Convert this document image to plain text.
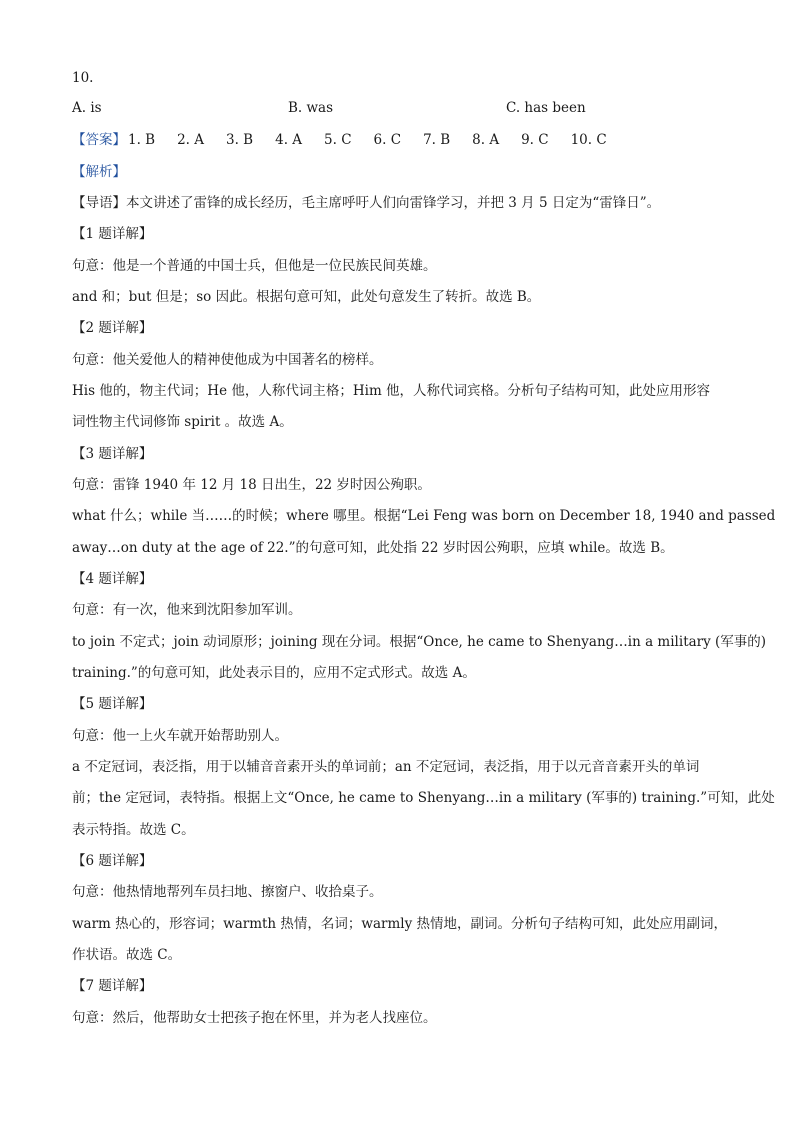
10.
A. is	B. was	C. has been
【答案】 1. B 2. A 3. B 4. A 5. C 6. C 7. B 8. A 9. C 10. C
【解析】
【导语】本文讲述了雷锋的成长经历，毛主席呼吁人们向雷锋学习，并把 3 月 5 日定为“雷锋日”。
【1 题详解】
句意：他是一个普通的中国士兵，但他是一位民族民间英雄。
and 和；but 但是；so 因此。根据句意可知，此处句意发生了转折。故选 B。
【2 题详解】
句意：他关爱他人的精神使他成为中国著名的榜样。
His 他的，物主代词；He 他，人称代词主格；Him 他，人称代词宾格。分析句子结构可知，此处应用形容
词性物主代词修饰 spirit 。故选 A。
【3 题详解】
句意：雷锋 1940 年 12 月 18 日出生，22 岁时因公殉职。
what 什么；while 当……的时候；where 哪里。根据“Lei Feng was born on December 18, 1940 and passed
away…on duty at the age of 22.”的句意可知，此处指 22 岁时因公殉职，应填 while。故选 B。
【4 题详解】
句意：有一次，他来到沈阳参加军训。
to join 不定式；join 动词原形；joining 现在分词。根据“Once, he came to Shenyang…in a military (军事的)
training.”的句意可知，此处表示目的，应用不定式形式。故选 A。
【5 题详解】
句意：他一上火车就开始帮助别人。
a 不定冠词，表泛指，用于以辅音音素开头的单词前；an 不定冠词，表泛指，用于以元音音素开头的单词
前；the 定冠词，表特指。根据上文“Once, he came to Shenyang…in a military (军事的) training.”可知，此处
表示特指。故选 C。
【6 题详解】
句意：他热情地帮列车员扫地、擦窗户、收拾桌子。
warm 热心的，形容词；warmth 热情，名词；warmly 热情地，副词。分析句子结构可知，此处应用副词，
作状语。故选 C。
【7 题详解】
句意：然后，他帮助女士把孩子抱在怀里，并为老人找座位。
